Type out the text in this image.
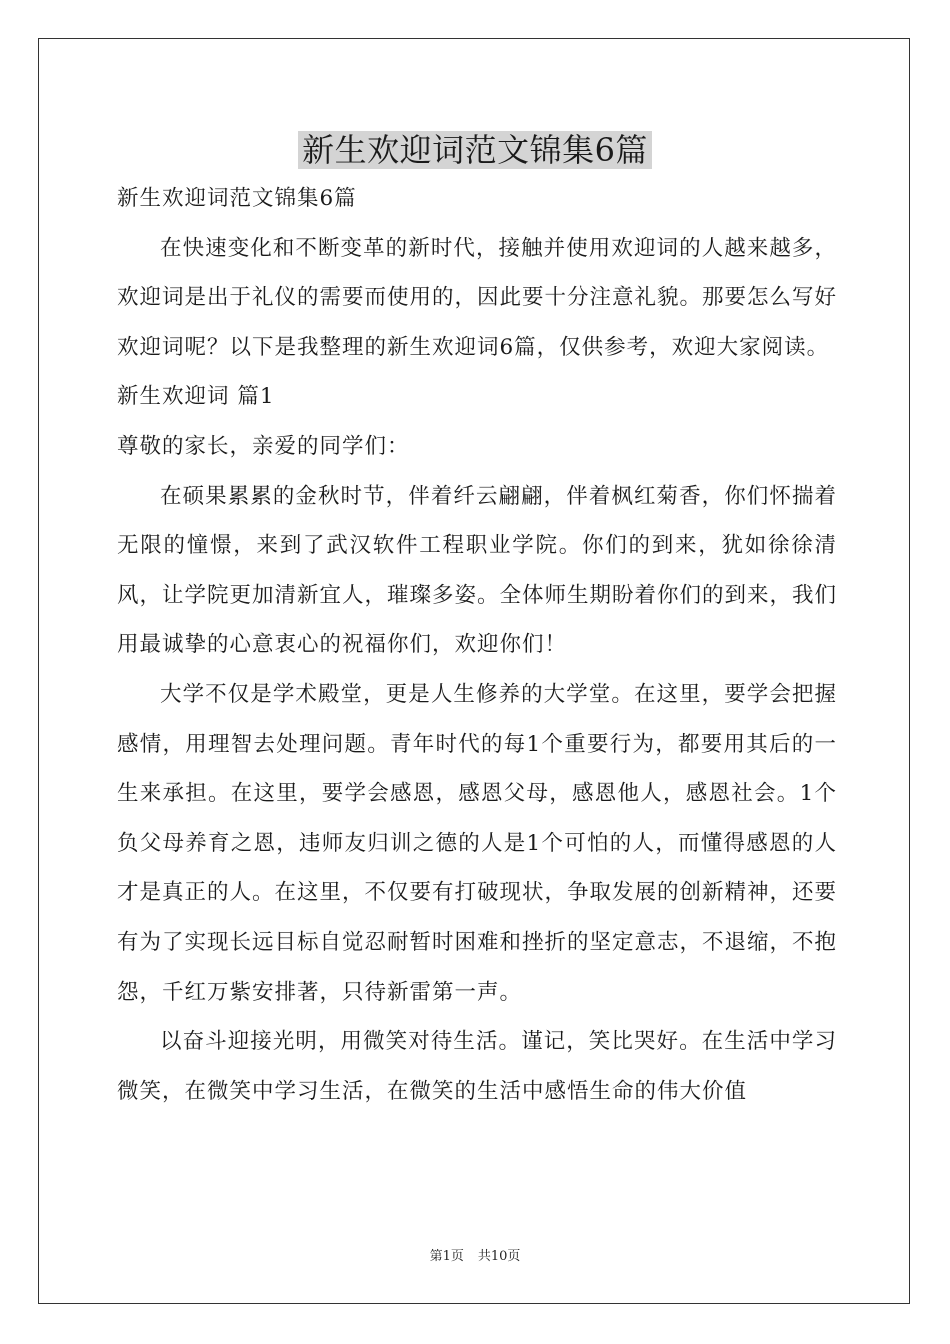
新生欢迎词范文锦集6篇

新生欢迎词范文锦集6篇

在快速变化和不断变革的新时代，接触并使用欢迎词的人越来越多，欢迎词是出于礼仪的需要而使用的，因此要十分注意礼貌。那要怎么写好欢迎词呢？以下是我整理的新生欢迎词6篇，仅供参考，欢迎大家阅读。

新生欢迎词 篇1

尊敬的家长，亲爱的同学们：

在硕果累累的金秋时节，伴着纤云翩翩，伴着枫红菊香，你们怀揣着无限的憧憬，来到了武汉软件工程职业学院。你们的到来，犹如徐徐清风，让学院更加清新宜人，璀璨多姿。全体师生期盼着你们的到来，我们用最诚挚的心意衷心的祝福你们，欢迎你们！

大学不仅是学术殿堂，更是人生修养的大学堂。在这里，要学会把握感情，用理智去处理问题。青年时代的每1个重要行为，都要用其后的一生来承担。在这里，要学会感恩，感恩父母，感恩他人，感恩社会。1个负父母养育之恩，违师友归训之德的人是1个可怕的人，而懂得感恩的人才是真正的人。在这里，不仅要有打破现状，争取发展的创新精神，还要有为了实现长远目标自觉忍耐暂时困难和挫折的坚定意志，不退缩，不抱怨，千红万紫安排著，只待新雷第一声。

以奋斗迎接光明，用微笑对待生活。谨记，笑比哭好。在生活中学习微笑，在微笑中学习生活，在微笑的生活中感悟生命的伟大价值

第1页 共10页
